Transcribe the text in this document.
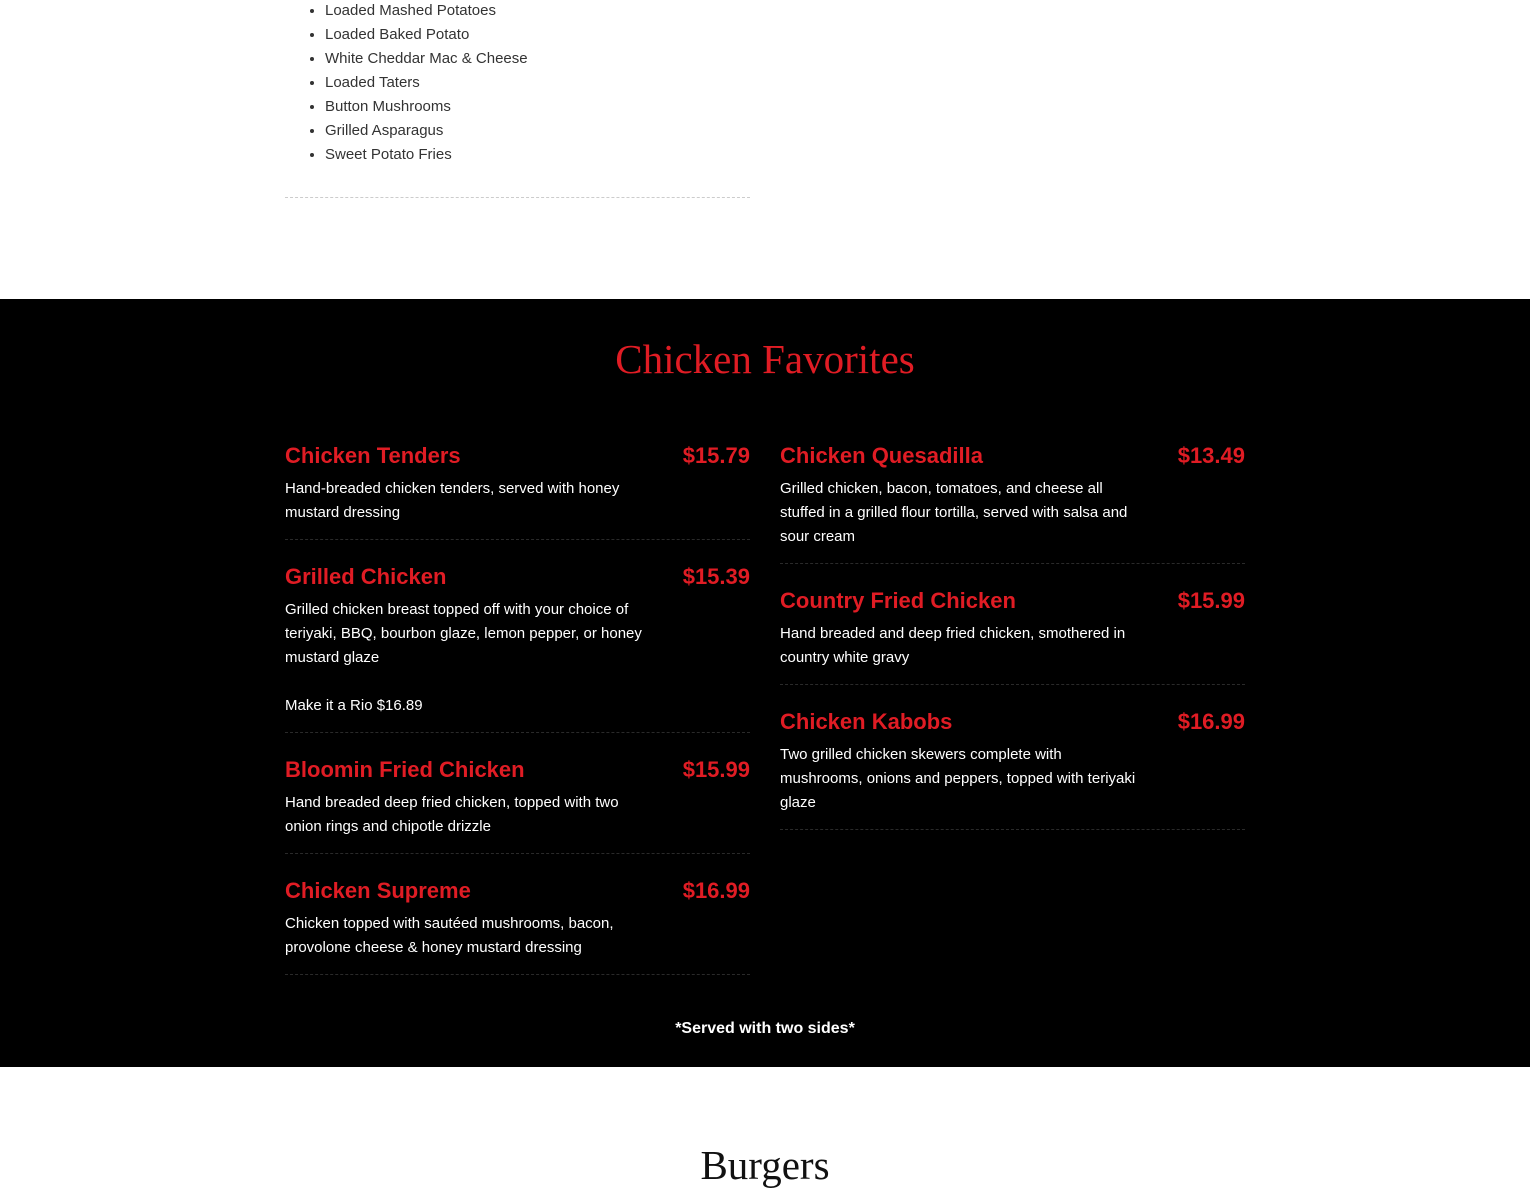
• Loaded Mashed Potatoes
• Loaded Baked Potato
• White Cheddar Mac & Cheese
• Loaded Taters
• Button Mushrooms
• Grilled Asparagus
• Sweet Potato Fries
Chicken Favorites
Chicken Tenders	$15.79
Hand-breaded chicken tenders, served with honey mustard dressing
Grilled Chicken	$15.39
Grilled chicken breast topped off with your choice of teriyaki, BBQ, bourbon glaze, lemon pepper, or honey mustard glaze
Make it a Rio $16.89
Bloomin Fried Chicken	$15.99
Hand breaded deep fried chicken, topped with two onion rings and chipotle drizzle
Chicken Supreme	$16.99
Chicken topped with sautéed mushrooms, bacon, provolone cheese & honey mustard dressing
Chicken Quesadilla	$13.49
Grilled chicken, bacon, tomatoes, and cheese all stuffed in a grilled flour tortilla, served with salsa and sour cream
Country Fried Chicken	$15.99
Hand breaded and deep fried chicken, smothered in country white gravy
Chicken Kabobs	$16.99
Two grilled chicken skewers complete with mushrooms, onions and peppers, topped with teriyaki glaze

*Served with two sides*

Burgers
